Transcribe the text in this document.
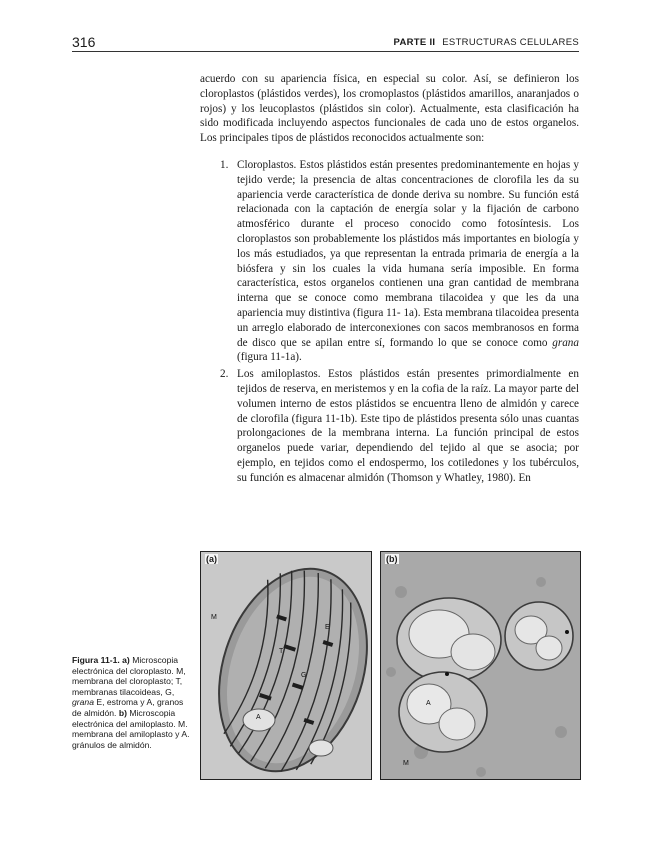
316	PARTE II ESTRUCTURAS CELULARES

acuerdo con su apariencia física, en especial su color. Así, se definieron los cloroplastos (plástidos verdes), los cromoplastos (plástidos amarillos, anaranjados o rojos) y los leucoplastos (plástidos sin color). Actualmente, esta clasificación ha sido modificada incluyendo aspectos funcionales de cada uno de estos organelos. Los principales tipos de plástidos reconocidos actualmente son:

1. Cloroplastos. Estos plástidos están presentes predominantemente en hojas y tejido verde; la presencia de altas concentraciones de clorofila les da su apariencia verde característica de donde deriva su nombre. Su función está relacionada con la captación de energía solar y la fijación de carbono atmosférico durante el proceso conocido como fotosíntesis. Los cloroplastos son probablemente los plástidos más importantes en biología y los más estudiados, ya que representan la entrada primaria de energía a la biósfera y sin los cuales la vida humana sería imposible. En forma característica, estos organelos contienen una gran cantidad de membrana interna que se conoce como membrana tilacoidea y que les da una apariencia muy distintiva (figura 11- 1a). Esta membrana tilacoidea presenta un arreglo elaborado de interconexiones con sacos membranosos en forma de disco que se apilan entre sí, formando lo que se conoce como grana (figura 11-1a).
2. Los amiloplastos. Estos plástidos están presentes primordialmente en tejidos de reserva, en meristemos y en la cofia de la raíz. La mayor parte del volumen interno de estos plástidos se encuentra lleno de almidón y carece de clorofila (figura 11-1b). Este tipo de plástidos presenta sólo unas cuantas prolongaciones de la membrana interna. La función principal de estos organelos puede variar, dependiendo del tejido al que se asocia; por ejemplo, en tejidos como el endospermo, los cotiledones y los tubérculos, su función es almacenar almidón (Thomson y Whatley, 1980). En
(a)
M
T
E
G
A
(b)
A
M
Figura 11-1. a) Microscopia electrónica del cloroplasto. M, membrana del cloroplasto; T, membranas tilacoideas, G, grana E, estroma y A, granos de almidón. b) Microscopia electrónica del amiloplasto. M. membrana del amiloplasto y A. gránulos de almidón.
